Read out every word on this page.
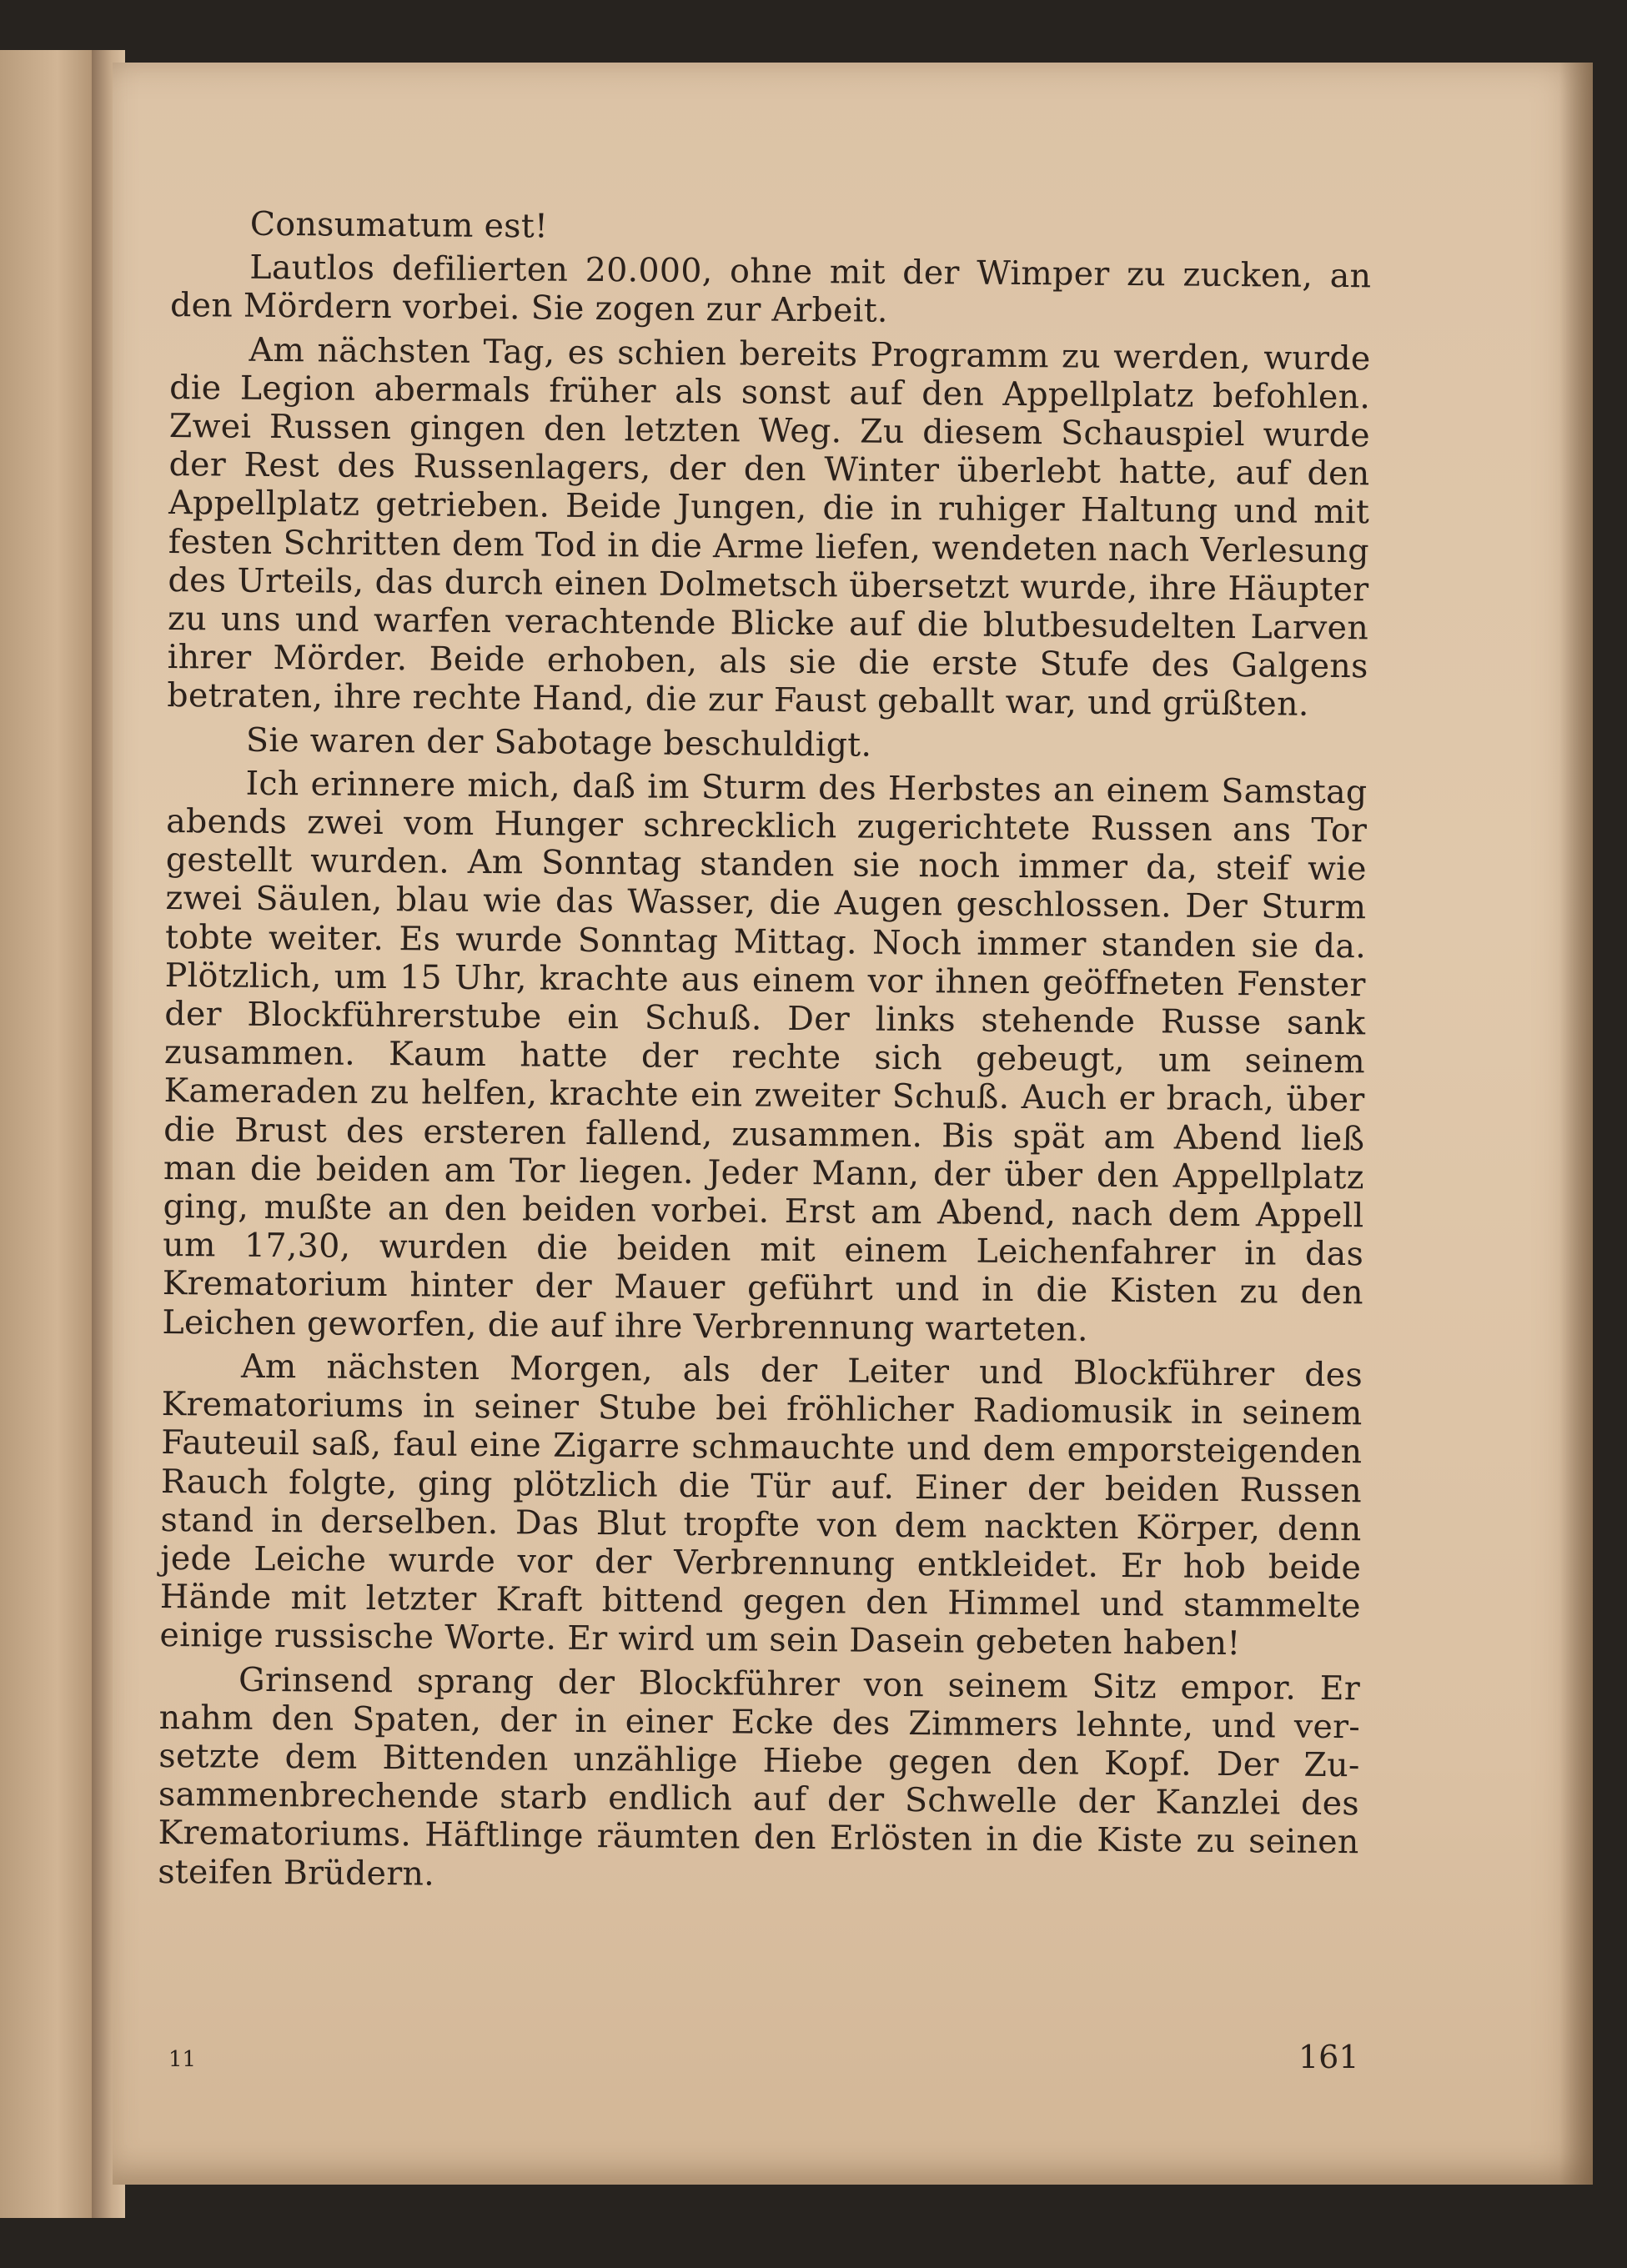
Consumatum est!

Lautlos defilierten 20.000, ohne mit der Wimper zu zucken, an den Mördern vorbei. Sie zogen zur Arbeit.

Am nächsten Tag, es schien bereits Programm zu werden, wurde die Legion abermals früher als sonst auf den Appellplatz befohlen. Zwei Russen gingen den letzten Weg. Zu diesem Schauspiel wurde der Rest des Russenlagers, der den Winter überlebt hatte, auf den Appellplatz getrieben. Beide Jungen, die in ruhiger Haltung und mit festen Schritten dem Tod in die Arme liefen, wendeten nach Verlesung des Urteils, das durch einen Dolmetsch übersetzt wurde, ihre Häupter zu uns und warfen verachtende Blicke auf die blutbesudelten Larven ihrer Mörder. Beide erhoben, als sie die erste Stufe des Galgens betraten, ihre rechte Hand, die zur Faust geballt war, und grüßten.

Sie waren der Sabotage beschuldigt.

Ich erinnere mich, daß im Sturm des Herbstes an einem Samstag abends zwei vom Hunger schrecklich zugerichtete Russen ans Tor gestellt wurden. Am Sonntag standen sie noch immer da, steif wie zwei Säulen, blau wie das Wasser, die Augen geschlossen. Der Sturm tobte weiter. Es wurde Sonntag Mittag. Noch immer standen sie da. Plötzlich, um 15 Uhr, krachte aus einem vor ihnen geöffneten Fenster der Blockführerstube ein Schuß. Der links stehende Russe sank zusammen. Kaum hatte der rechte sich gebeugt, um seinem Kameraden zu helfen, krachte ein zweiter Schuß. Auch er brach, über die Brust des ersteren fallend, zusammen. Bis spät am Abend ließ man die beiden am Tor liegen. Jeder Mann, der über den Appellplatz ging, mußte an den beiden vorbei. Erst am Abend, nach dem Appell um 17,30, wurden die beiden mit einem Leichenfahrer in das Krematorium hinter der Mauer geführt und in die Kisten zu den Leichen geworfen, die auf ihre Verbrennung warteten.

Am nächsten Morgen, als der Leiter und Blockführer des Krematoriums in seiner Stube bei fröhlicher Radiomusik in seinem Fauteuil saß, faul eine Zigarre schmauchte und dem emporsteigenden Rauch folgte, ging plötzlich die Tür auf. Einer der beiden Russen stand in derselben. Das Blut tropfte von dem nackten Körper, denn jede Leiche wurde vor der Verbrennung entkleidet. Er hob beide Hände mit letzter Kraft bittend gegen den Himmel und stammelte einige russische Worte. Er wird um sein Dasein gebeten haben!

Grinsend sprang der Blockführer von seinem Sitz empor. Er nahm den Spaten, der in einer Ecke des Zimmers lehnte, und versetzte dem Bittenden unzählige Hiebe gegen den Kopf. Der Zusammenbrechende starb endlich auf der Schwelle der Kanzlei des Krematoriums. Häftlinge räumten den Erlösten in die Kiste zu seinen steifen Brüdern.

11	161
